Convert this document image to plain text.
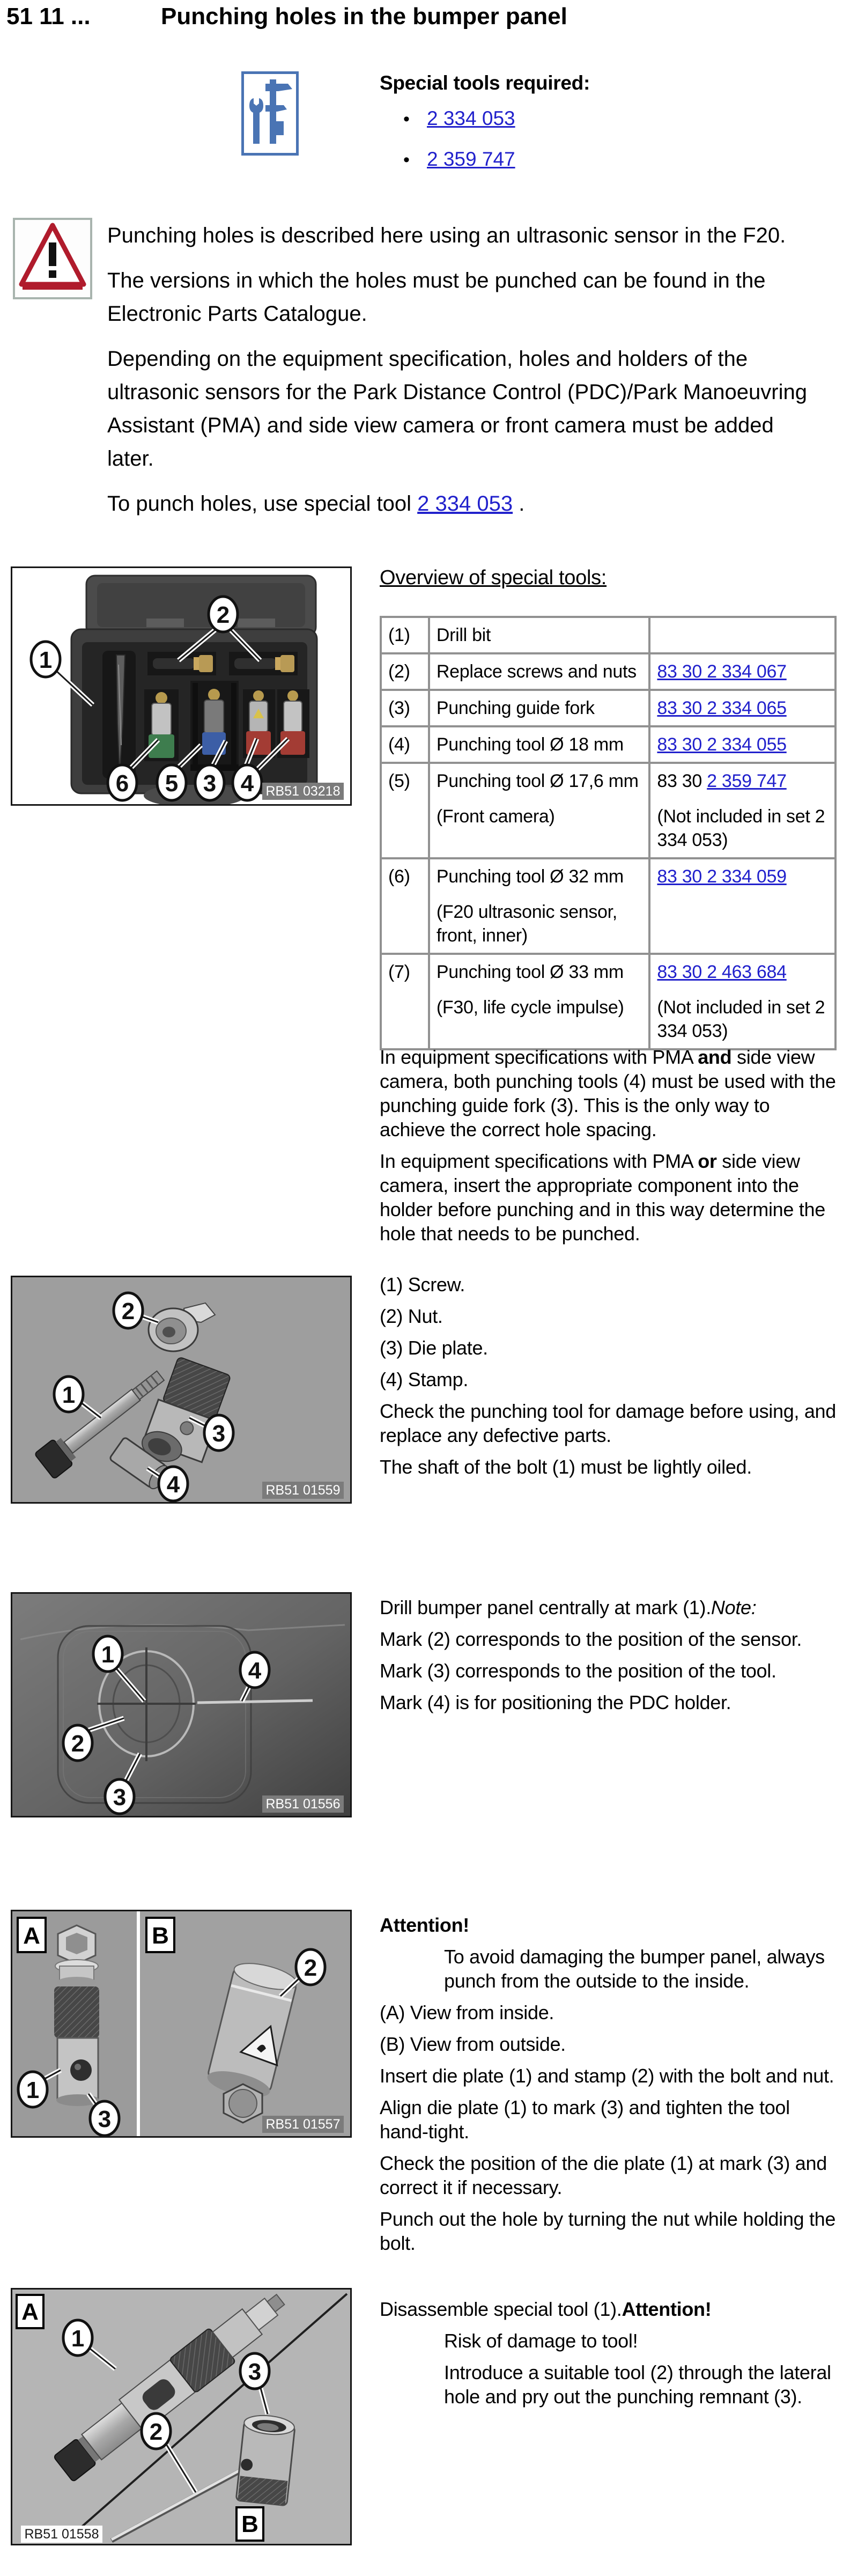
51 11 ...	Punching holes in the bumper panel
Special tools required:
• 2 334 053
• 2 359 747

Punching holes is described here using an ultrasonic sensor in the F20.

The versions in which the holes must be punched can be found in the Electronic Parts Catalogue.

Depending on the equipment specification, holes and holders of the ultrasonic sensors for the Park Distance Control (PDC)/Park Manoeuvring Assistant (PMA) and side view camera or front camera must be added later.

To punch holes, use special tool 2 334 053 .

1
2
6 5 3 4 RB51 03218
Overview of special tools:
(1)	Drill bit	
(2)	Replace screws and nuts	83 30 2 334 067
(3)	Punching guide fork	83 30 2 334 065
(4)	Punching tool Ø 18 mm	83 30 2 334 055
(5)	Punching tool Ø 17,6 mm
(Front camera)
	83 30 2 359 747
(Not included in set 2 334 053)

(6)	Punching tool Ø 32 mm
(F20 ultrasonic sensor, front, inner)	83 30 2 334 059
(7)	Punching tool Ø 33 mm
(F30, life cycle impulse)
	83 30 2 463 684
(Not included in set 2 334 053)

In equipment specifications with PMA and side view camera, both punching tools (4) must be used with the punching guide fork (3). This is the only way to achieve the correct hole spacing.

In equipment specifications with PMA or side view camera, insert the appropriate component into the holder before punching and in this way determine the hole that needs to be punched.

2
1
3
4	RB51 01559

(1) Screw.

(2) Nut.

(3) Die plate.

(4) Stamp.

Check the punching tool for damage before using, and replace any defective parts.

The shaft of the bolt (1) must be lightly oiled.

1
4
2
3	RB51 01556

Drill bumper panel centrally at mark (1).Note:

Mark (2) corresponds to the position of the sensor.

Mark (3) corresponds to the position of the tool.

Mark (4) is for positioning the PDC holder.

1
3
2
A	B
RB51 01557

Attention!

To avoid damaging the bumper panel, always punch from the outside to the inside.

(A) View from inside.

(B) View from outside.

Insert die plate (1) and stamp (2) with the bolt and nut.

Align die plate (1) to mark (3) and tighten the tool hand-tight.

Check the position of the die plate (1) at mark (3) and correct it if necessary.

Punch out the hole by turning the nut while holding the bolt.

1
3
2
A
B
RB51 01558

Disassemble special tool (1).Attention!

Risk of damage to tool!

Introduce a suitable tool (2) through the lateral hole and pry out the punching remnant (3).
